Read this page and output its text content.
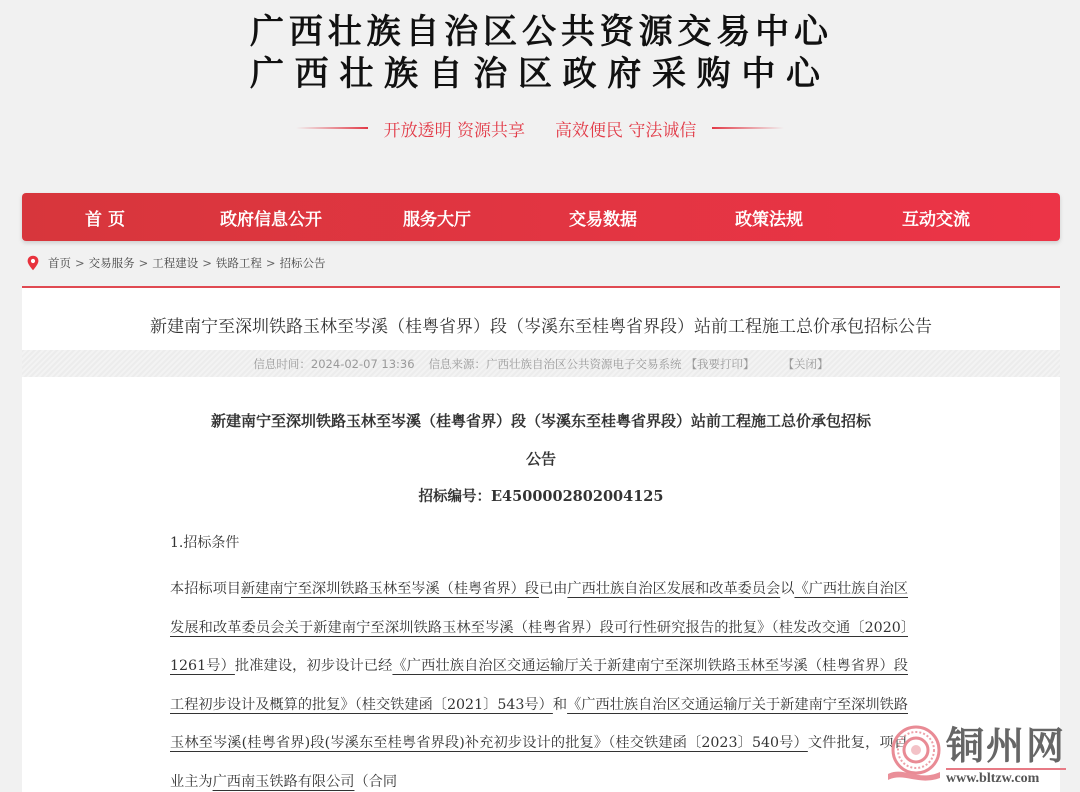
广西壮族自治区公共资源交易中心
广西壮族自治区政府采购中心
开放透明 资源共享 高效便民 守法诚信
首 页	政府信息公开	服务大厅	交易数据	政策法规	互动交流
首页 > 交易服务 > 工程建设 > 铁路工程 > 招标公告
新建南宁至深圳铁路玉林至岑溪（桂粤省界）段（岑溪东至桂粤省界段）站前工程施工总价承包招标公告
信息时间： 2024-02-07 13:36 信息来源： 广西壮族自治区公共资源电子交易系统 【我要打印】 【关闭】
新建南宁至深圳铁路玉林至岑溪（桂粤省界）段（岑溪东至桂粤省界段）站前工程施工总价承包招标
公告
招标编号：E4500002802004125
1.招标条件

本招标项目新建南宁至深圳铁路玉林至岑溪（桂粤省界）段已由广西壮族自治区发展和改革委员会以《广西壮族自治区发展和改革委员会关于新建南宁至深圳铁路玉林至岑溪（桂粤省界）段可行性研究报告的批复》（桂发改交通〔2020〕1261号）批准建设，初步设计已经《广西壮族自治区交通运输厅关于新建南宁至深圳铁路玉林至岑溪（桂粤省界）段工程初步设计及概算的批复》（桂交铁建函〔2021〕543号）和《广西壮族自治区交通运输厅关于新建南宁至深圳铁路玉林至岑溪(桂粤省界)段(岑溪东至桂粤省界段)补充初步设计的批复》（桂交铁建函〔2023〕540号）文件批复，项目业主为广西南玉铁路有限公司（合同

铜州网
www.bltzw.com
